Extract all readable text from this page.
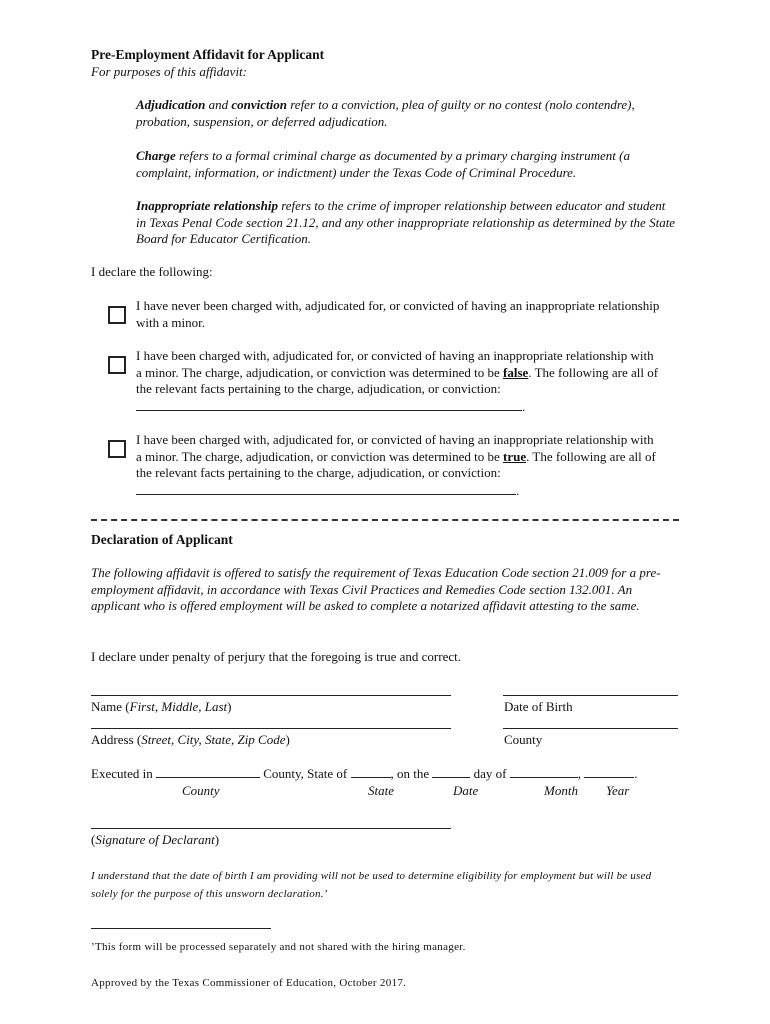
Pre-Employment Affidavit for Applicant
For purposes of this affidavit:
Adjudication and conviction refer to a conviction, plea of guilty or no contest (nolo contendre), probation, suspension, or deferred adjudication.
Charge refers to a formal criminal charge as documented by a primary charging instrument (a complaint, information, or indictment) under the Texas Code of Criminal Procedure.
Inappropriate relationship refers to the crime of improper relationship between educator and student in Texas Penal Code section 21.12, and any other inappropriate relationship as determined by the State Board for Educator Certification.
I declare the following:
I have never been charged with, adjudicated for, or convicted of having an inappropriate relationship with a minor.
I have been charged with, adjudicated for, or convicted of having an inappropriate relationship with a minor. The charge, adjudication, or conviction was determined to be false. The following are all of the relevant facts pertaining to the charge, adjudication, or conviction: .
I have been charged with, adjudicated for, or convicted of having an inappropriate relationship with a minor. The charge, adjudication, or conviction was determined to be true. The following are all of the relevant facts pertaining to the charge, adjudication, or conviction: .
Declaration of Applicant
The following affidavit is offered to satisfy the requirement of Texas Education Code section 21.009 for a pre-employment affidavit, in accordance with Texas Civil Practices and Remedies Code section 132.001. An applicant who is offered employment will be asked to complete a notarized affidavit attesting to the same.
I declare under penalty of perjury that the foregoing is true and correct.
Name (First, Middle, Last)	Date of Birth
Address (Street, City, State, Zip Code)	County
Executed in	County, State of	, on the	day of	,	.
County	State	Date	Month Year
(Signature of Declarant)
I understand that the date of birth I am providing will not be used to determine eligibility for employment but will be used solely for the purpose of this unsworn declaration.’
’This form will be processed separately and not shared with the hiring manager.
Approved by the Texas Commissioner of Education, October 2017.
